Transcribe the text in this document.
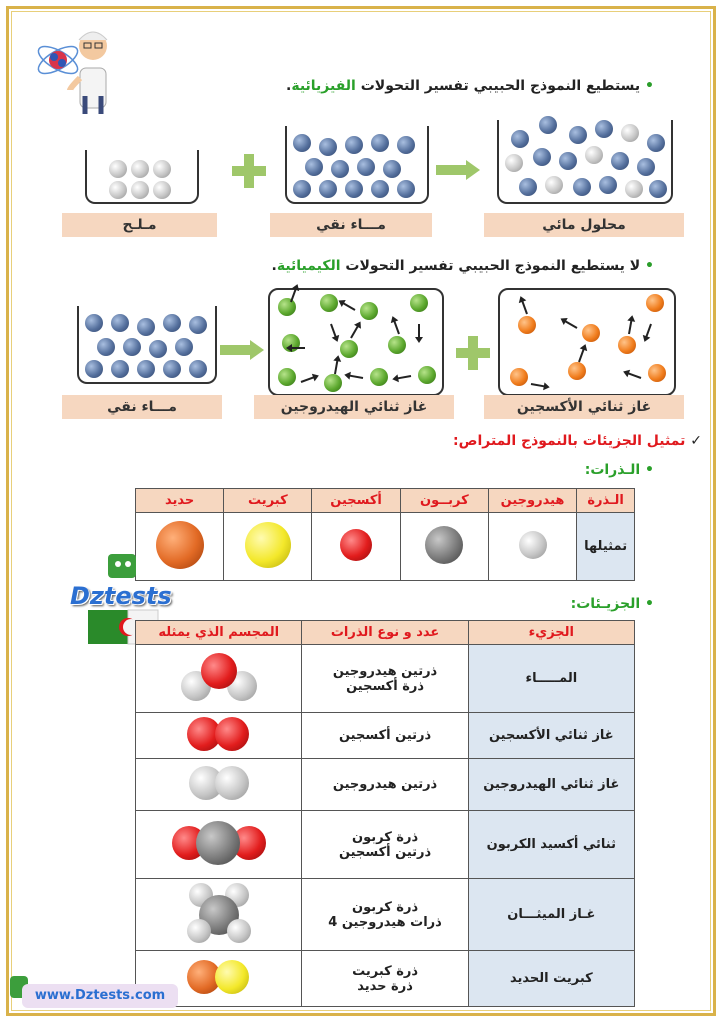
• يستطيع النموذج الحبيبي تفسير التحولات الفيزيائية.
مـلـح	مـــاء نقي	محلول مائي
• لا يستطيع النموذج الحبيبي تفسير التحولات الكيميائية.
مـــاء نقي	غاز ثنائي الهيدروجين	غاز ثنائي الأكسجين
✓ تمثيل الجزيئات بالنموذج المتراص:
• الـذرات:
حديد	كبريت	أكسجين	كربــون	هيدروجين	الـذرة
					تمثيلها
Dztests	• الجزيـئات:
المجسم الذي يمثله	عدد و نوع الذرات	الجزيء

	ذرتين هيدروجين
ذرة أكسجين	المـــــاء

	ذرتين أكسجين	غاز ثنائي الأكسجين

	ذرتين هيدروجين	غاز ثنائي الهيدروجين

	ذرة كربون
ذرتين أكسجين	ثنائي أكسيد الكربون

	ذرة كربون
4 ذرات هيدروجين	غـاز الميثـــان

	ذرة كبريت
ذرة حديد	كبريت الحديد
www.Dztests.com
